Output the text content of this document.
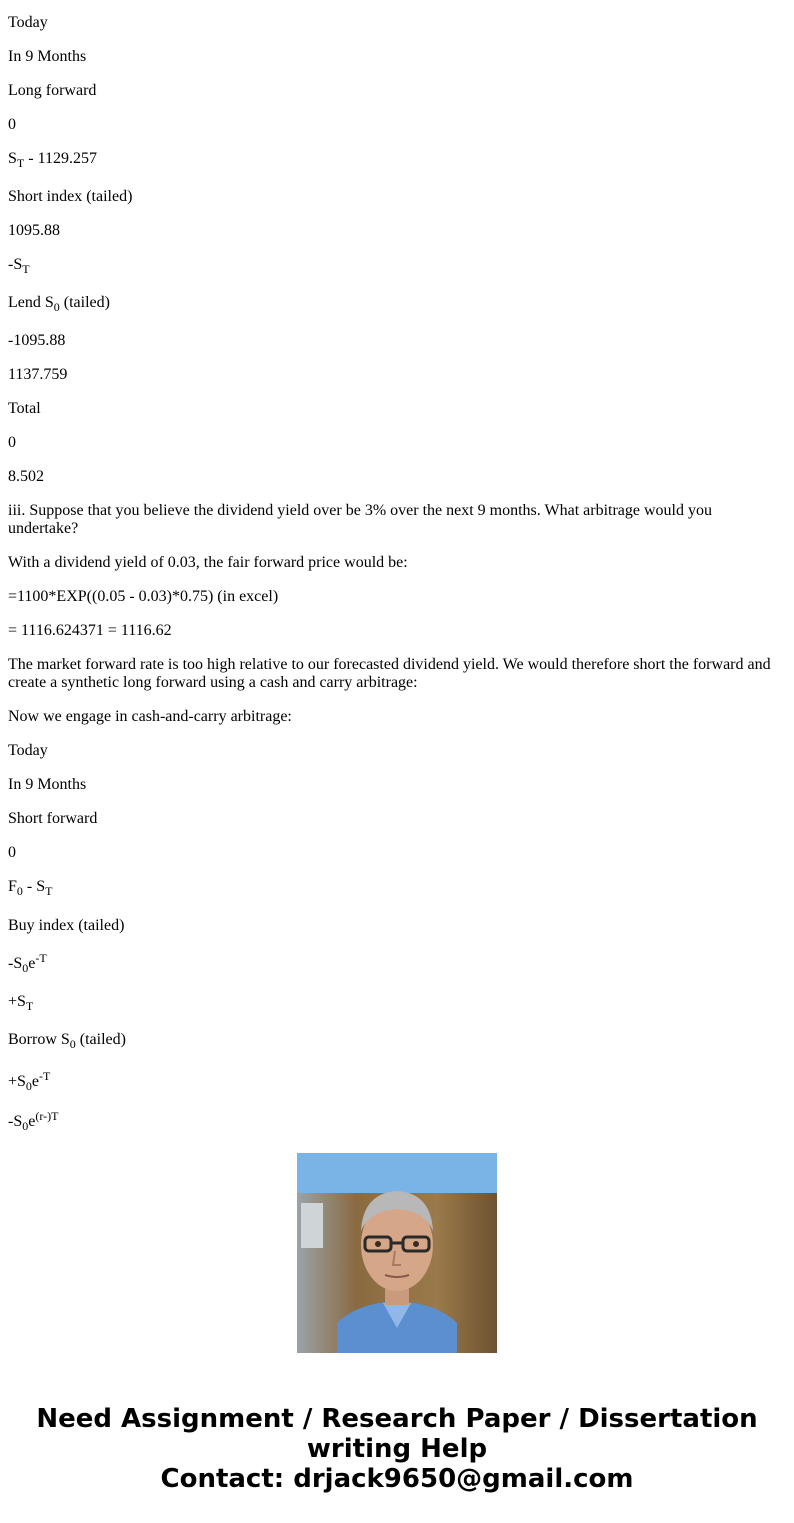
Today

In 9 Months

Long forward

0

$S_T - 1129.257$

Short index (tailed)

1095.88

$-S_T$

Lend $S_0$ (tailed)

-1095.88

1137.759

Total

0

8.502

iii. Suppose that you believe the dividend yield over be 3% over the next 9 months. What arbitrage would you undertake?

With a dividend yield of 0.03, the fair forward price would be:

=1100*EXP((0.05 - 0.03)*0.75) (in excel)

= 1116.624371 = 1116.62

The market forward rate is too high relative to our forecasted dividend yield. We would therefore short the forward and create a synthetic long forward using a cash and carry arbitrage:

Now we engage in cash-and-carry arbitrage:

Today

In 9 Months

Short forward

0

$F_0 - S_T$

Buy index (tailed)

$-S_0e^{-T}$

$+S_T$

Borrow $S_0$ (tailed)

$+S_0e^{-T}$

$-S_0e^{(r-)T}$

Need Assignment / Research Paper / Dissertation
writing Help
Contact: drjack9650@gmail.com
